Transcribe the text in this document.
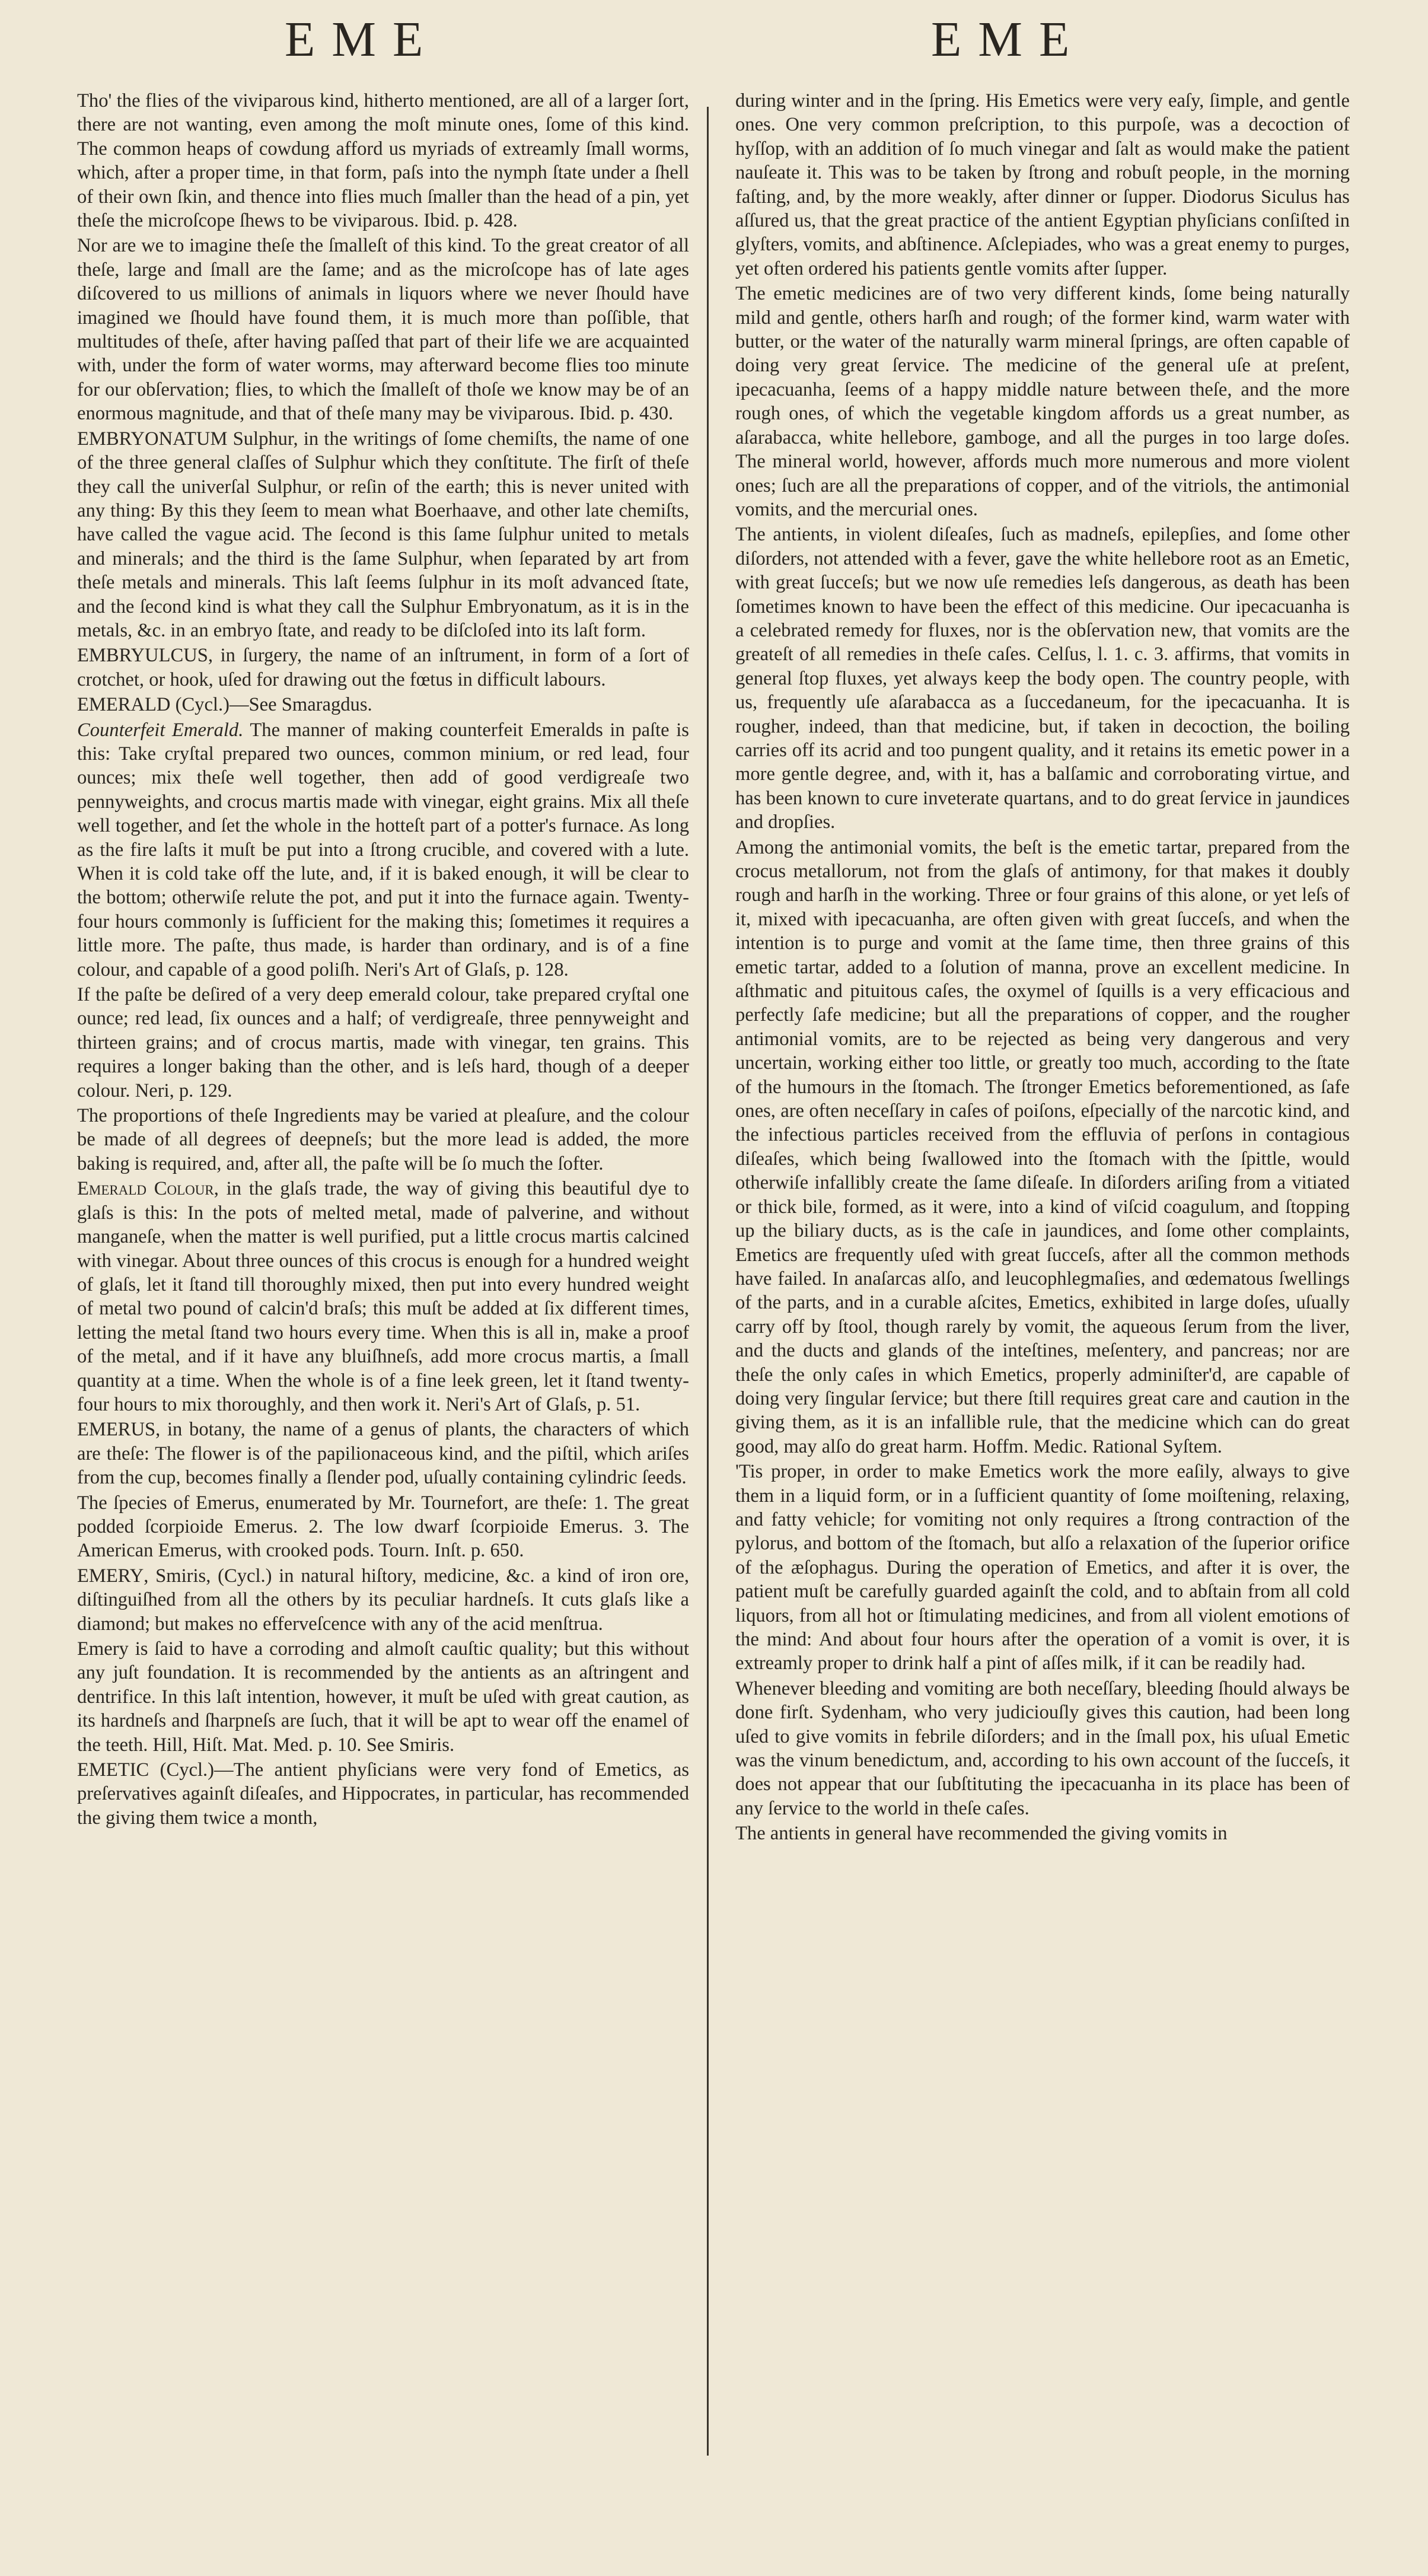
EME	EME

Tho' the flies of the viviparous kind, hitherto mentioned, are all of a larger ſort, there are not wanting, even among the moſt minute ones, ſome of this kind. The common heaps of cowdung afford us myriads of extreamly ſmall worms, which, after a proper time, in that form, paſs into the nymph ſtate under a ſhell of their own ſkin, and thence into flies much ſmaller than the head of a pin, yet theſe the microſcope ſhews to be viviparous. Ibid. p. 428.

Nor are we to imagine theſe the ſmalleſt of this kind. To the great creator of all theſe, large and ſmall are the ſame; and as the microſcope has of late ages diſcovered to us millions of animals in liquors where we never ſhould have imagined we ſhould have found them, it is much more than poſſible, that multitudes of theſe, after having paſſed that part of their life we are acquainted with, under the form of water worms, may afterward become flies too minute for our obſervation; flies, to which the ſmalleſt of thoſe we know may be of an enormous magnitude, and that of theſe many may be viviparous. Ibid. p. 430.

EMBRYONATUM Sulphur, in the writings of ſome chemiſts, the name of one of the three general claſſes of Sulphur which they conſtitute. The firſt of theſe they call the univerſal Sulphur, or reſin of the earth; this is never united with any thing: By this they ſeem to mean what Boerhaave, and other late chemiſts, have called the vague acid. The ſecond is this ſame ſulphur united to metals and minerals; and the third is the ſame Sulphur, when ſeparated by art from theſe metals and minerals. This laſt ſeems ſulphur in its moſt advanced ſtate, and the ſecond kind is what they call the Sulphur Embryonatum, as it is in the metals, &c. in an embryo ſtate, and ready to be diſcloſed into its laſt form.

EMBRYULCUS, in ſurgery, the name of an inſtrument, in form of a ſort of crotchet, or hook, uſed for drawing out the fœtus in difficult labours.

EMERALD (Cycl.)—See Smaragdus.

Counterfeit Emerald. The manner of making counterfeit Emeralds in paſte is this: Take cryſtal prepared two ounces, common minium, or red lead, four ounces; mix theſe well together, then add of good verdigreaſe two pennyweights, and crocus martis made with vinegar, eight grains. Mix all theſe well together, and ſet the whole in the hotteſt part of a potter's furnace. As long as the fire laſts it muſt be put into a ſtrong crucible, and covered with a lute. When it is cold take off the lute, and, if it is baked enough, it will be clear to the bottom; otherwiſe relute the pot, and put it into the furnace again. Twenty-four hours commonly is ſufficient for the making this; ſometimes it requires a little more. The paſte, thus made, is harder than ordinary, and is of a fine colour, and capable of a good poliſh. Neri's Art of Glaſs, p. 128.

If the paſte be deſired of a very deep emerald colour, take prepared cryſtal one ounce; red lead, ſix ounces and a half; of verdigreaſe, three pennyweight and thirteen grains; and of crocus martis, made with vinegar, ten grains. This requires a longer baking than the other, and is leſs hard, though of a deeper colour. Neri, p. 129.

The proportions of theſe Ingredients may be varied at pleaſure, and the colour be made of all degrees of deepneſs; but the more lead is added, the more baking is required, and, after all, the paſte will be ſo much the ſofter.

Emerald Colour, in the glaſs trade, the way of giving this beautiful dye to glaſs is this: In the pots of melted metal, made of palverine, and without manganeſe, when the matter is well purified, put a little crocus martis calcined with vinegar. About three ounces of this crocus is enough for a hundred weight of glaſs, let it ſtand till thoroughly mixed, then put into every hundred weight of metal two pound of calcin'd braſs; this muſt be added at ſix different times, letting the metal ſtand two hours every time. When this is all in, make a proof of the metal, and if it have any bluiſhneſs, add more crocus martis, a ſmall quantity at a time. When the whole is of a fine leek green, let it ſtand twenty-four hours to mix thoroughly, and then work it. Neri's Art of Glaſs, p. 51.

EMERUS, in botany, the name of a genus of plants, the characters of which are theſe: The flower is of the papilionaceous kind, and the piſtil, which ariſes from the cup, becomes finally a ſlender pod, uſually containing cylindric ſeeds.

The ſpecies of Emerus, enumerated by Mr. Tournefort, are theſe: 1. The great podded ſcorpioide Emerus. 2. The low dwarf ſcorpioide Emerus. 3. The American Emerus, with crooked pods. Tourn. Inſt. p. 650.

EMERY, Smiris, (Cycl.) in natural hiſtory, medicine, &c. a kind of iron ore, diſtinguiſhed from all the others by its peculiar hardneſs. It cuts glaſs like a diamond; but makes no effervеſcence with any of the acid menſtrua.

Emery is ſaid to have a corroding and almoſt cauſtic quality; but this without any juſt foundation. It is recommended by the antients as an aſtringent and dentrifice. In this laſt intention, however, it muſt be uſed with great caution, as its hardneſs and ſharpneſs are ſuch, that it will be apt to wear off the enamel of the teeth. Hill, Hiſt. Mat. Med. p. 10. See Smiris.

EMETIC (Cycl.)—The antient phyſicians were very fond of Emetics, as preſervatives againſt diſeaſes, and Hippocrates, in particular, has recommended the giving them twice a month,

during winter and in the ſpring. His Emetics were very eaſy, ſimple, and gentle ones. One very common preſcription, to this purpoſe, was a decoction of hyſſop, with an addition of ſo much vinegar and ſalt as would make the patient nauſeate it. This was to be taken by ſtrong and robuſt people, in the morning faſting, and, by the more weakly, after dinner or ſupper. Diodorus Siculus has aſſured us, that the great practice of the antient Egyptian phyſicians conſiſted in glyſters, vomits, and abſtinence. Aſclepiades, who was a great enemy to purges, yet often ordered his patients gentle vomits after ſupper.

The emetic medicines are of two very different kinds, ſome being naturally mild and gentle, others harſh and rough; of the former kind, warm water with butter, or the water of the naturally warm mineral ſprings, are often capable of doing very great ſervice. The medicine of the general uſe at preſent, ipecacuanha, ſeems of a happy middle nature between theſe, and the more rough ones, of which the vegetable kingdom affords us a great number, as aſarabacca, white hellebore, gamboge, and all the purges in too large doſes. The mineral world, however, affords much more numerous and more violent ones; ſuch are all the preparations of copper, and of the vitriols, the antimonial vomits, and the mercurial ones.

The antients, in violent diſeaſes, ſuch as madneſs, epilepſies, and ſome other diſorders, not attended with a fever, gave the white hellebore root as an Emetic, with great ſucceſs; but we now uſe remedies leſs dangerous, as death has been ſometimes known to have been the effect of this medicine. Our ipecacuanha is a celebrated remedy for fluxes, nor is the obſervation new, that vomits are the greateſt of all remedies in theſe caſes. Celſus, l. 1. c. 3. affirms, that vomits in general ſtop fluxes, yet always keep the body open. The country people, with us, frequently uſe aſarabacca as a ſuccedaneum, for the ipecacuanha. It is rougher, indeed, than that medicine, but, if taken in decoction, the boiling carries off its acrid and too pungent quality, and it retains its emetic power in a more gentle degree, and, with it, has a balſamic and corroborating virtue, and has been known to cure inveterate quartans, and to do great ſervice in jaundices and dropſies.

Among the antimonial vomits, the beſt is the emetic tartar, prepared from the crocus metallorum, not from the glaſs of antimony, for that makes it doubly rough and harſh in the working. Three or four grains of this alone, or yet leſs of it, mixed with ipecacuanha, are often given with great ſucceſs, and when the intention is to purge and vomit at the ſame time, then three grains of this emetic tartar, added to a ſolution of manna, prove an excellent medicine. In aſthmatic and pituitous caſes, the oxymel of ſquills is a very efficacious and perfectly ſafe medicine; but all the preparations of copper, and the rougher antimonial vomits, are to be rejected as being very dangerous and very uncertain, working either too little, or greatly too much, according to the ſtate of the humours in the ſtomach. The ſtronger Emetics beforementioned, as ſafe ones, are often neceſſary in caſes of poiſons, eſpecially of the narcotic kind, and the infectious particles received from the effluvia of perſons in contagious diſeaſes, which being ſwallowed into the ſtomach with the ſpittle, would otherwiſe infallibly create the ſame diſeaſe. In diſorders ariſing from a vitiated or thick bile, formed, as it were, into a kind of viſcid coagulum, and ſtopping up the biliary ducts, as is the caſe in jaundices, and ſome other complaints, Emetics are frequently uſed with great ſucceſs, after all the common methods have failed. In anaſarcas alſo, and leucophlegmaſies, and œdematous ſwellings of the parts, and in a curable aſcites, Emetics, exhibited in large doſes, uſually carry off by ſtool, though rarely by vomit, the aqueous ſerum from the liver, and the ducts and glands of the inteſtines, meſentery, and pancreas; nor are theſe the only caſes in which Emetics, properly adminiſter'd, are capable of doing very ſingular ſervice; but there ſtill requires great care and caution in the giving them, as it is an infallible rule, that the medicine which can do great good, may alſo do great harm. Hoffm. Medic. Rational Syſtem.

'Tis proper, in order to make Emetics work the more eaſily, always to give them in a liquid form, or in a ſufficient quantity of ſome moiſtening, relaxing, and fatty vehicle; for vomiting not only requires a ſtrong contraction of the pylorus, and bottom of the ſtomach, but alſo a relaxation of the ſuperior orifice of the æſophagus. During the operation of Emetics, and after it is over, the patient muſt be carefully guarded againſt the cold, and to abſtain from all cold liquors, from all hot or ſtimulating medicines, and from all violent emotions of the mind: And about four hours after the operation of a vomit is over, it is extreamly proper to drink half a pint of aſſes milk, if it can be readily had.

Whenever bleeding and vomiting are both neceſſary, bleeding ſhould always be done firſt. Sydenham, who very judiciouſly gives this caution, had been long uſed to give vomits in febrile diſorders; and in the ſmall pox, his uſual Emetic was the vinum benedictum, and, according to his own account of the ſucceſs, it does not appear that our ſubſtituting the ipecacuanha in its place has been of any ſervice to the world in theſe caſes.

The antients in general have recommended the giving vomits in
